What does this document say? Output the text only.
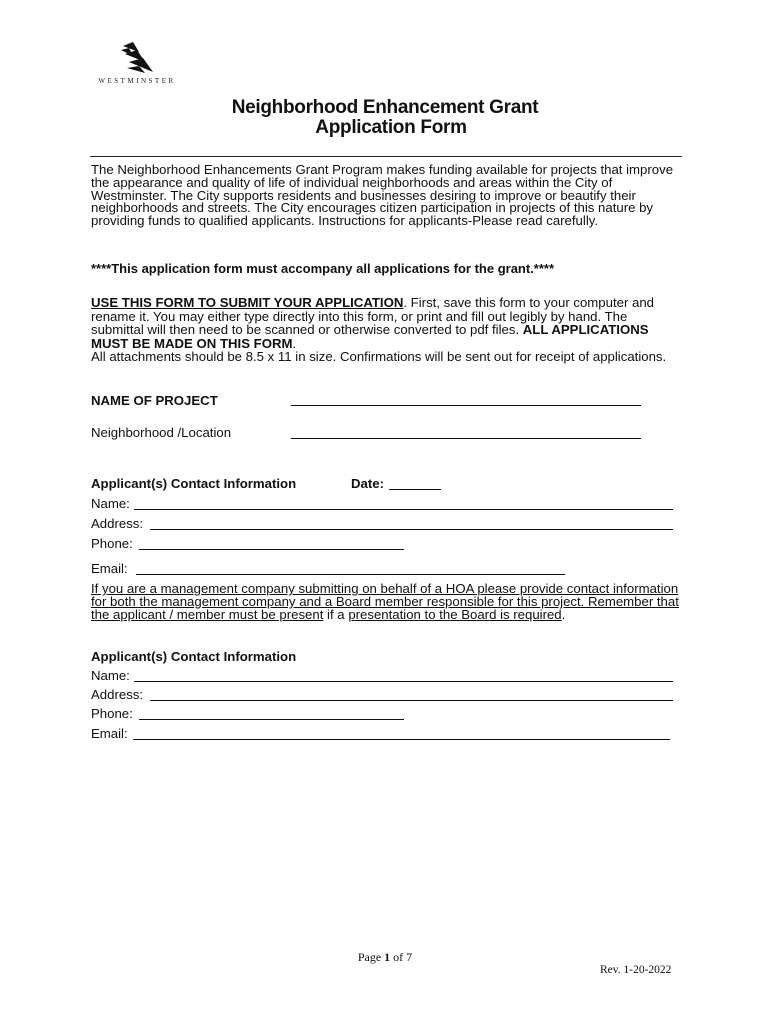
WESTMINSTER
Neighborhood Enhancement Grant
Application Form
The Neighborhood Enhancements Grant Program makes funding available for projects that improve the appearance and quality of life of individual neighborhoods and areas within the City of Westminster. The City supports residents and businesses desiring to improve or beautify their neighborhoods and streets. The City encourages citizen participation in projects of this nature by providing funds to qualified applicants. Instructions for applicants-Please read carefully.
****This application form must accompany all applications for the grant.****
USE THIS FORM TO SUBMIT YOUR APPLICATION. First, save this form to your computer and rename it. You may either type directly into this form, or print and fill out legibly by hand. The submittal will then need to be scanned or otherwise converted to pdf files. ALL APPLICATIONS MUST BE MADE ON THIS FORM.
All attachments should be 8.5 x 11 in size. Confirmations will be sent out for receipt of applications.
NAME OF PROJECT
Neighborhood /Location
Applicant(s) Contact Information	Date:
Name:
Address:
Phone:
Email:
If you are a management company submitting on behalf of a HOA please provide contact information for both the management company and a Board member responsible for this project. Remember that the applicant / member must be present if a presentation to the Board is required.
Applicant(s) Contact Information
Name:
Address:
Phone:
Email:
Page 1 of 7
Rev. 1-20-2022
